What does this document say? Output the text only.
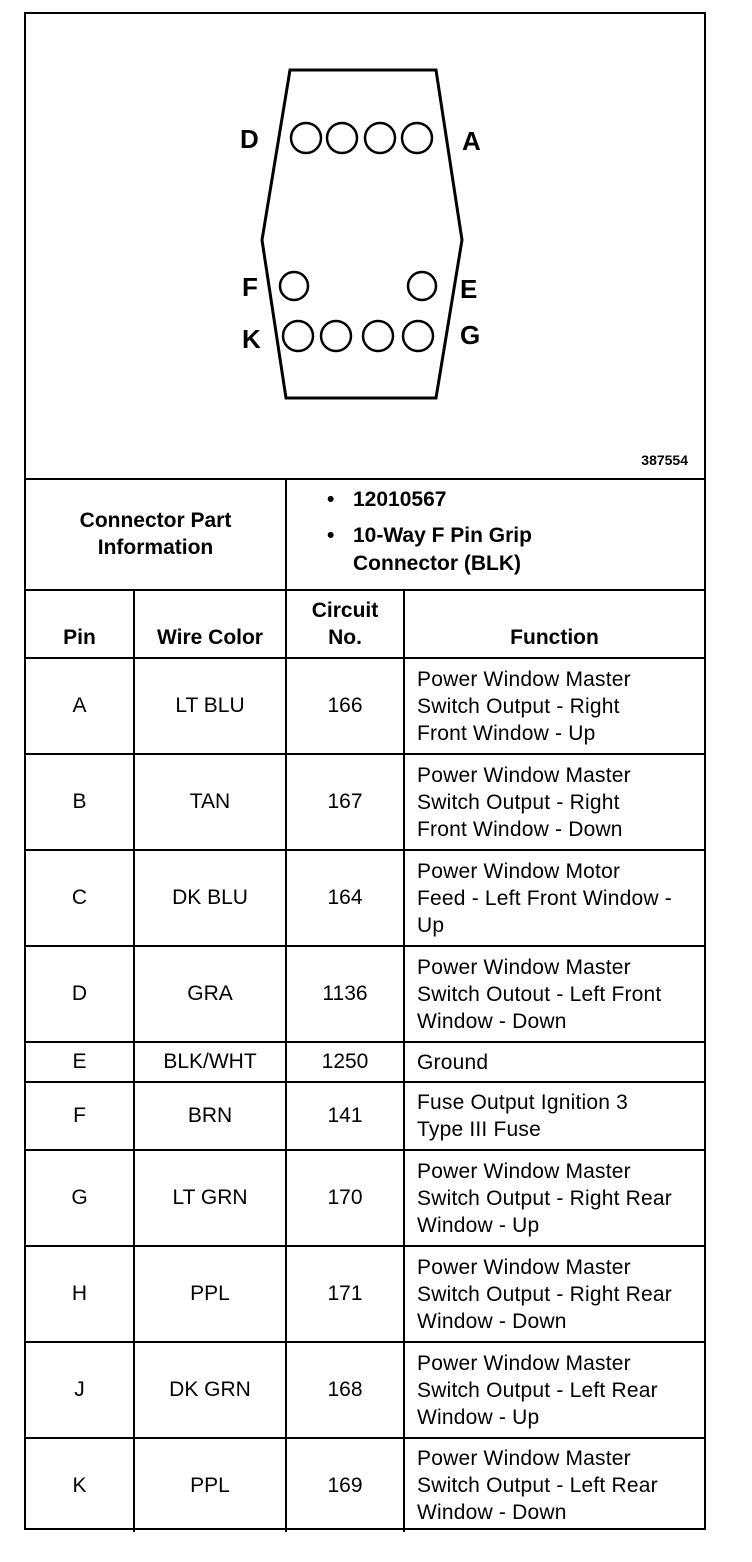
D	A
F	E
K	G
387554
Connector Part Information		• 12010567
• 10-Way F Pin Grip Connector (BLK)

Pin	Wire Color	Circuit No.	Function
A	LT BLU	166	Power Window Master Switch Output - Right Front Window - Up
B	TAN	167	Power Window Master Switch Output - Right Front Window - Down
C	DK BLU	164	Power Window Motor Feed - Left Front Window - Up
D	GRA	1136	Power Window Master Switch Outout - Left Front Window - Down
E	BLK/WHT	1250	Ground
F	BRN	141	Fuse Output Ignition 3 Type III Fuse
G	LT GRN	170	Power Window Master Switch Output - Right Rear Window - Up
H	PPL	171	Power Window Master Switch Output - Right Rear Window - Down
J	DK GRN	168	Power Window Master Switch Output - Left Rear Window - Up
K	PPL	169	Power Window Master Switch Output - Left Rear Window - Down
